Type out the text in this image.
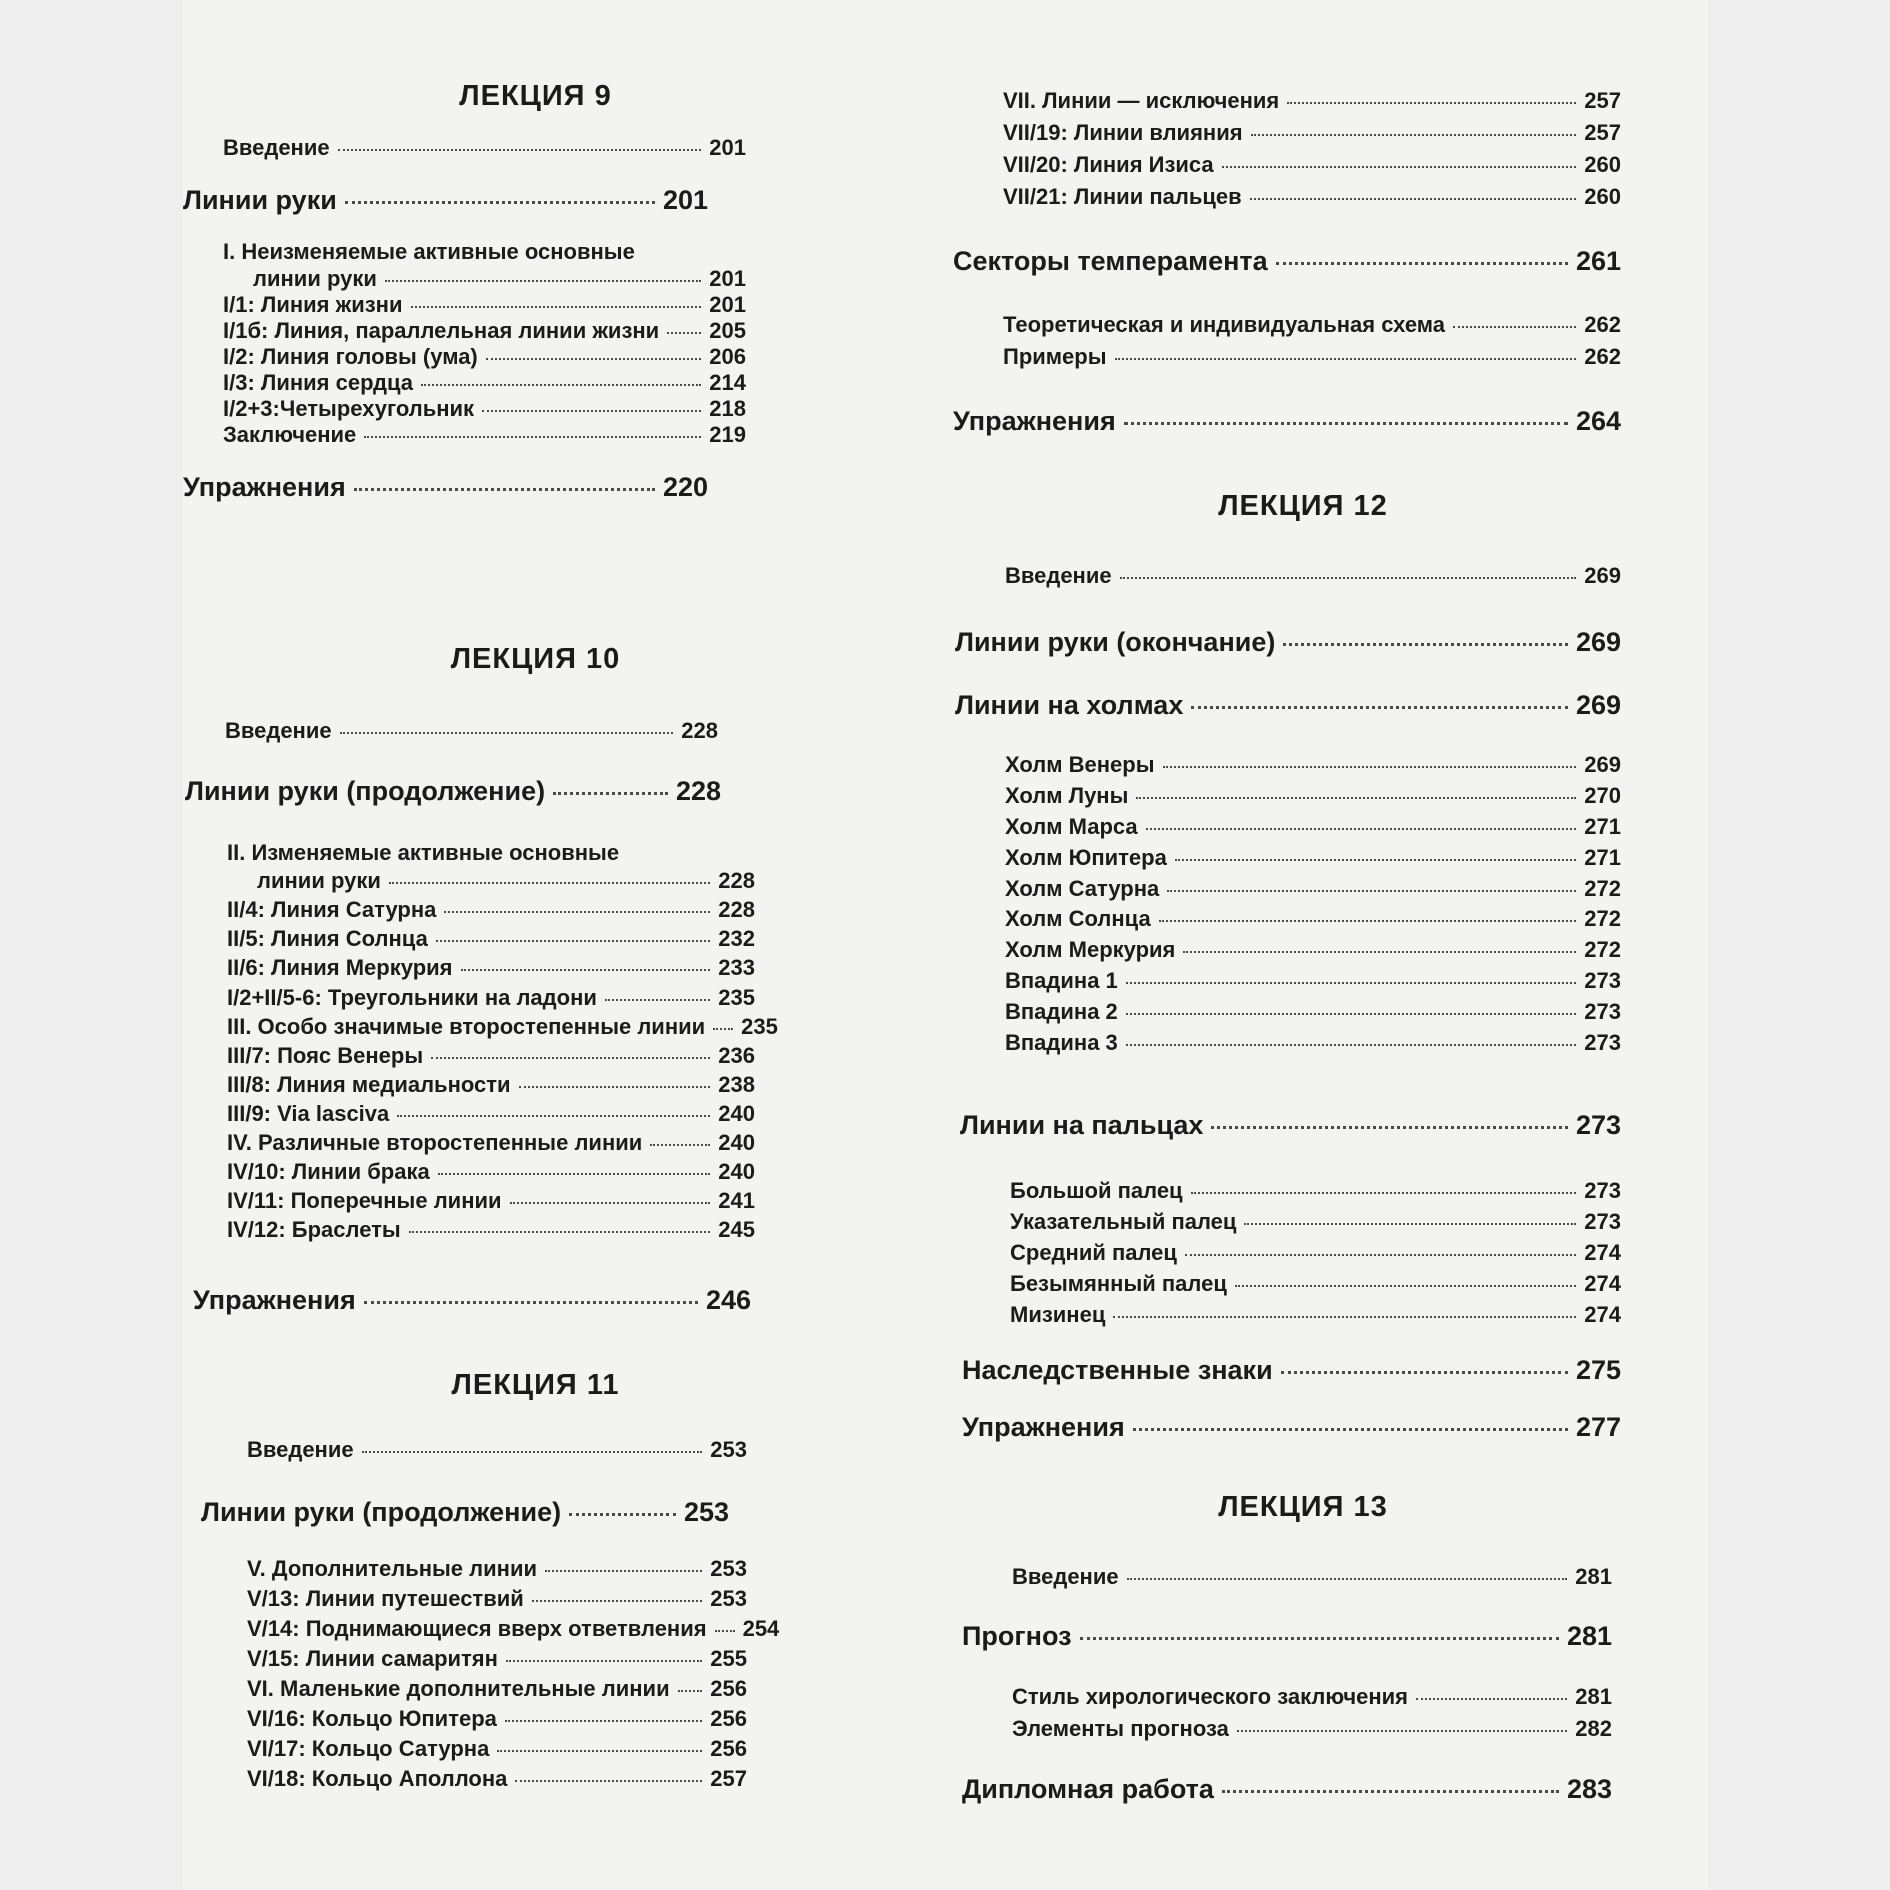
ЛЕКЦИЯ 9
Введение	201
Линии руки	201
I. Неизменяемые активные основные
линии руки	201
I/1: Линия жизни	201
I/1б: Линия, параллельная линии жизни 205
I/2: Линия головы (ума)	206
I/3: Линия сердца	214
I/2+3:Четырехугольник	218
Заключение	219
Упражнения	220
ЛЕКЦИЯ 10
Введение	228
Линии руки (продолжение)	228
II. Изменяемые активные основные
линии руки	228
II/4: Линия Сатурна	228
II/5: Линия Солнца	232
II/6: Линия Меркурия	233
I/2+II/5-6: Треугольники на ладони	235
III. Особо значимые второстепенные линии 235
III/7: Пояс Венеры	236
III/8: Линия медиальности	238
III/9: Via lasciva	240
IV. Различные второстепенные линии	240
IV/10: Линии брака	240
IV/11: Поперечные линии	241
IV/12: Браслеты	245
Упражнения	246
ЛЕКЦИЯ 11
Введение	253
Линии руки (продолжение)	253
V. Дополнительные линии	253
V/13: Линии путешествий	253
V/14: Поднимающиеся вверх ответвления 254
V/15: Линии самаритян	255
VI. Маленькие дополнительные линии 256
VI/16: Кольцо Юпитера	256
VI/17: Кольцо Сатурна	256
VI/18: Кольцо Аполлона	257
VII. Линии — исключения	257
VII/19: Линии влияния	257
VII/20: Линия Изиса	260
VII/21: Линии пальцев	260
Секторы темперамента	261
Теоретическая и индивидуальная схема	262
Примеры	262
Упражнения	264
ЛЕКЦИЯ 12
Введение	269
Линии руки (окончание)	269
Линии на холмах	269
Холм Венеры	269
Холм Луны	270
Холм Марса	271
Холм Юпитера	271
Холм Сатурна	272
Холм Солнца	272
Холм Меркурия	272
Впадина 1	273
Впадина 2	273
Впадина 3	273
Линии на пальцах	273
Большой палец	273
Указательный палец	273
Средний палец	274
Безымянный палец	274
Мизинец	274
Наследственные знаки	275
Упражнения	277
ЛЕКЦИЯ 13
Введение	281
Прогноз	281
Стиль хирологического заключения	281
Элементы прогноза	282
Дипломная работа	283
